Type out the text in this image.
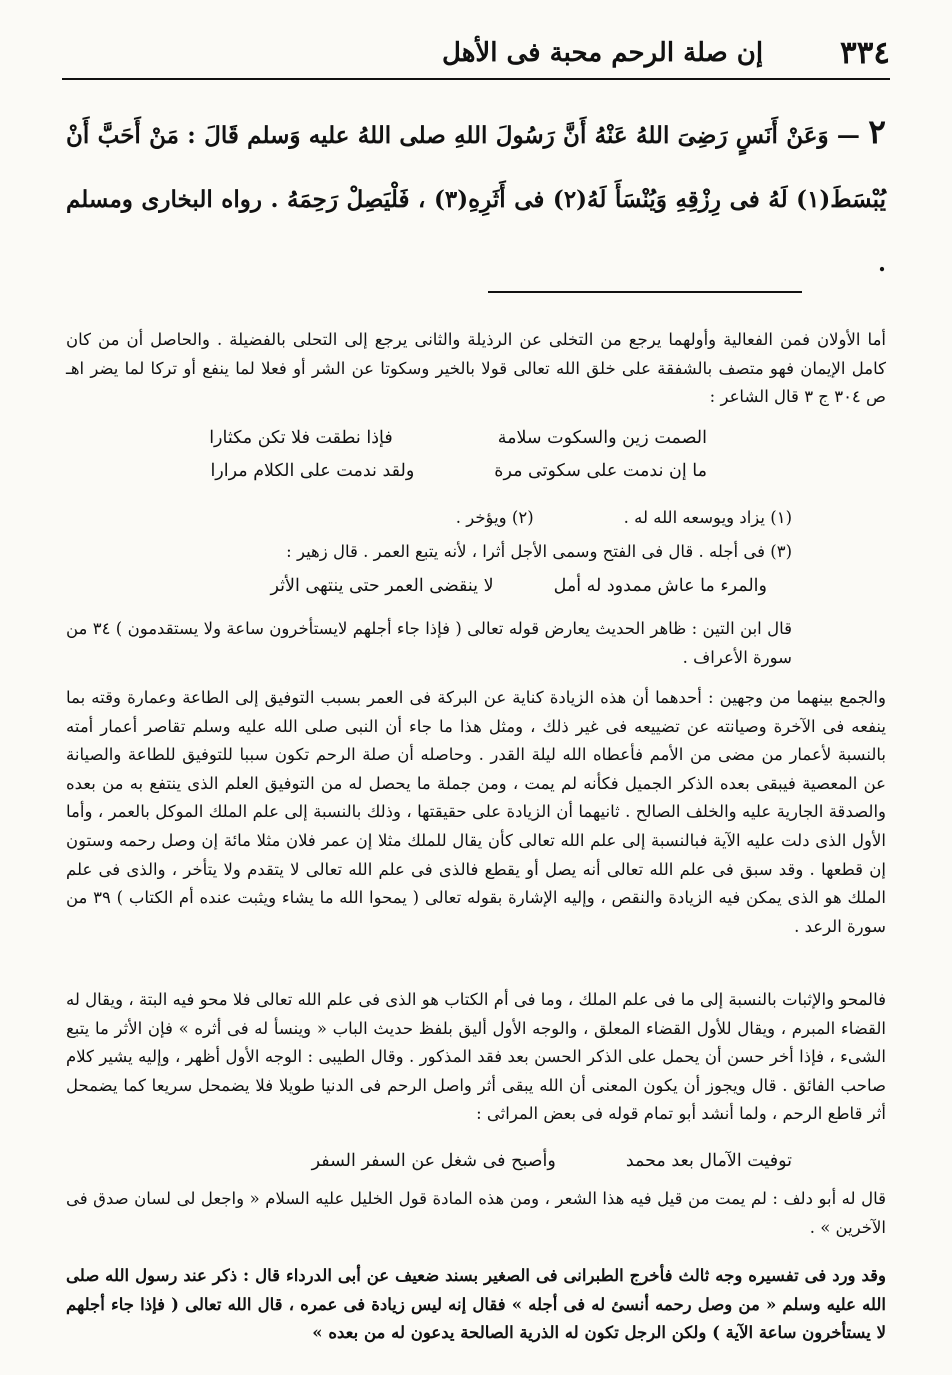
٣٣٤
إن صلة الرحم محبة فى الأهل
٢ — وَعَنْ أَنَسٍ رَضِىَ اللهُ عَنْهُ أَنَّ رَسُولَ اللهِ صلى اللهُ عليه وَسلم قَالَ : مَنْ أَحَبَّ أَنْ يُبْسَطَ(١) لَهُ فى رِزْقِهِ وَيُنْسَأَ لَهُ(٢) فى أَثَرِهِ(٣) ، فَلْيَصِلْ رَحِمَهُ . رواه البخارى ومسلم .
أما الأولان فمن الفعالية وأولهما يرجع من التخلى عن الرذيلة والثانى يرجع إلى التحلى بالفضيلة . والحاصل أن من كان كامل الإيمان فهو متصف بالشفقة على خلق الله تعالى قولا بالخير وسكوتا عن الشر أو فعلا لما ينفع أو تركا لما يضر اهـ ص ٣٠٤ ج ٣ قال الشاعر :
الصمت زين والسكوت سلامة
فإذا نطقت فلا تكن مكثارا
ما إن ندمت على سكوتى مرة
ولقد ندمت على الكلام مرارا
(١) يزاد ويوسعه الله له .
(٢) ويؤخر .
(٣) فى أجله . قال فى الفتح وسمى الأجل أثرا ، لأنه يتبع العمر . قال زهير :
والمرء ما عاش ممدود له أمل
لا ينقضى العمر حتى ينتهى الأثر
قال ابن التين : ظاهر الحديث يعارض قوله تعالى ( فإذا جاء أجلهم لايستأخرون ساعة ولا يستقدمون ) ٣٤ من سورة الأعراف .
والجمع بينهما من وجهين : أحدهما أن هذه الزيادة كناية عن البركة فى العمر بسبب التوفيق إلى الطاعة وعمارة وقته بما ينفعه فى الآخرة وصيانته عن تضييعه فى غير ذلك ، ومثل هذا ما جاء أن النبى صلى الله عليه وسلم تقاصر أعمار أمته بالنسبة لأعمار من مضى من الأمم فأعطاه الله ليلة القدر . وحاصله أن صلة الرحم تكون سببا للتوفيق للطاعة والصيانة عن المعصية فيبقى بعده الذكر الجميل فكأنه لم يمت ، ومن جملة ما يحصل له من التوفيق العلم الذى ينتفع به من بعده والصدقة الجارية عليه والخلف الصالح . ثانيهما أن الزيادة على حقيقتها ، وذلك بالنسبة إلى علم الملك الموكل بالعمر ، وأما الأول الذى دلت عليه الآية فبالنسبة إلى علم الله تعالى كأن يقال للملك مثلا إن عمر فلان مثلا مائة إن وصل رحمه وستون إن قطعها . وقد سبق فى علم الله تعالى أنه يصل أو يقطع فالذى فى علم الله تعالى لا يتقدم ولا يتأخر ، والذى فى علم الملك هو الذى يمكن فيه الزيادة والنقص ، وإليه الإشارة بقوله تعالى ( يمحوا الله ما يشاء ويثبت عنده أم الكتاب ) ٣٩ من سورة الرعد .
فالمحو والإثبات بالنسبة إلى ما فى علم الملك ، وما فى أم الكتاب هو الذى فى علم الله تعالى فلا محو فيه البتة ، ويقال له القضاء المبرم ، ويقال للأول القضاء المعلق ، والوجه الأول أليق بلفظ حديث الباب « وينسأ له فى أثره » فإن الأثر ما يتبع الشىء ، فإذا أخر حسن أن يحمل على الذكر الحسن بعد فقد المذكور . وقال الطيبى : الوجه الأول أظهر ، وإليه يشير كلام صاحب الفائق . قال ويجوز أن يكون المعنى أن الله يبقى أثر واصل الرحم فى الدنيا طويلا فلا يضمحل سريعا كما يضمحل أثر قاطع الرحم ، ولما أنشد أبو تمام قوله فى بعض المراثى :
توفيت الآمال بعد محمد
وأصبح فى شغل عن السفر السفر
قال له أبو دلف : لم يمت من قيل فيه هذا الشعر ، ومن هذه المادة قول الخليل عليه السلام « واجعل لى لسان صدق فى الآخرين » .
وقد ورد فى تفسيره وجه ثالث فأخرج الطبرانى فى الصغير بسند ضعيف عن أبى الدرداء قال : ذكر عند رسول الله صلى الله عليه وسلم « من وصل رحمه أنسئ له فى أجله » فقال إنه ليس زيادة فى عمره ، قال الله تعالى ( فإذا جاء أجلهم لا يستأخرون ساعة الآية ) ولكن الرجل تكون له الذرية الصالحة يدعون له من بعده »
